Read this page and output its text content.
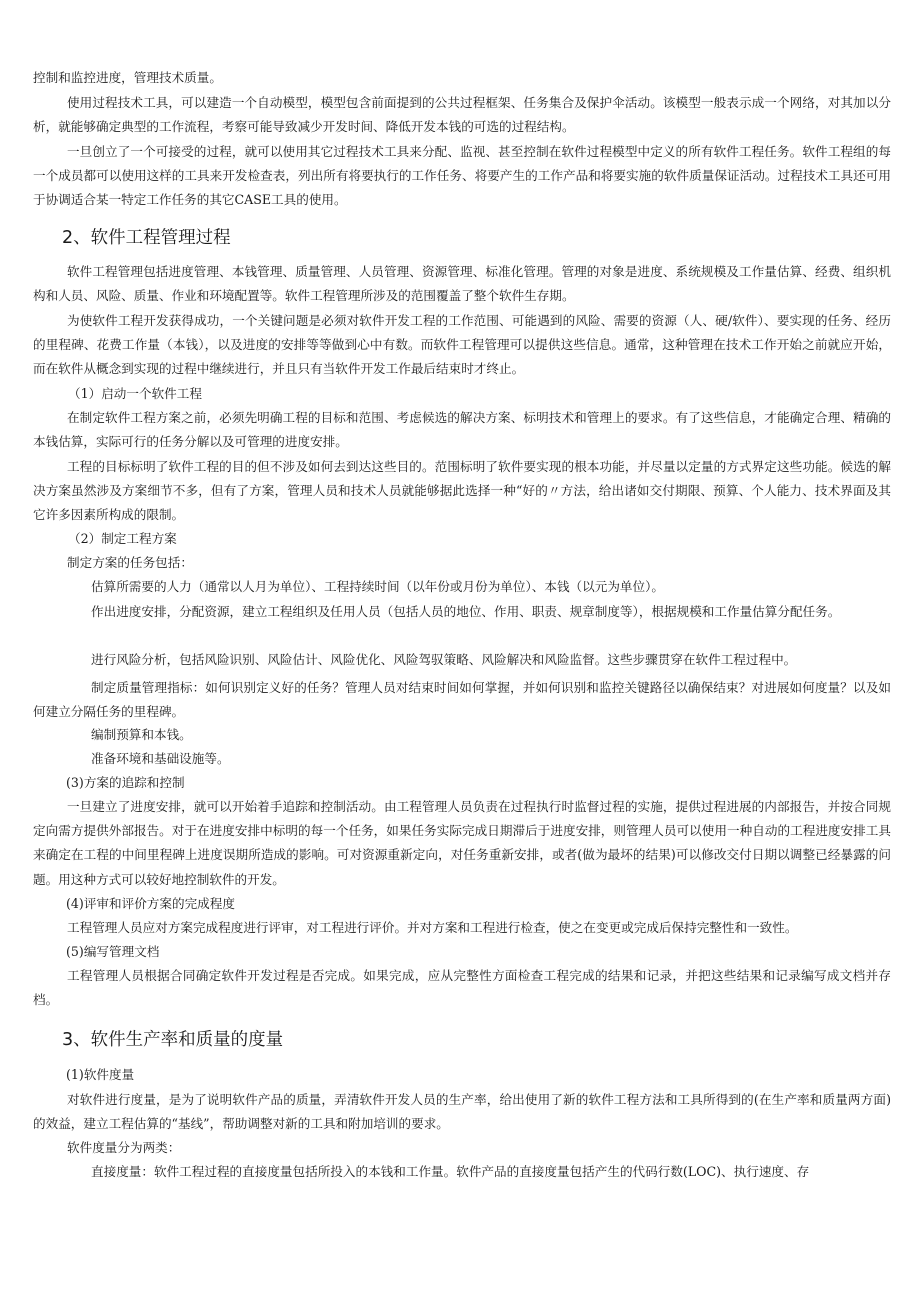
控制和监控进度，管理技术质量。

使用过程技术工具，可以建造一个自动模型，模型包含前面提到的公共过程框架、任务集合及保护伞活动。该模型一般表示成一个网络，对其加以分析，就能够确定典型的工作流程，考察可能导致减少开发时间、降低开发本钱的可选的过程结构。

一旦创立了一个可接受的过程，就可以使用其它过程技术工具来分配、监视、甚至控制在软件过程模型中定义的所有软件工程任务。软件工程组的每一个成员都可以使用这样的工具来开发检查表，列出所有将要执行的工作任务、将要产生的工作产品和将要实施的软件质量保证活动。过程技术工具还可用于协调适合某一特定工作任务的其它CASE工具的使用。

2、软件工程管理过程

软件工程管理包括进度管理、本钱管理、质量管理、人员管理、资源管理、标准化管理。管理的对象是进度、系统规模及工作量估算、经费、组织机构和人员、风险、质量、作业和环境配置等。软件工程管理所涉及的范围覆盖了整个软件生存期。

为使软件工程开发获得成功，一个关键问题是必须对软件开发工程的工作范围、可能遇到的风险、需要的资源（人、硬/软件）、要实现的任务、经历的里程碑、花费工作量（本钱），以及进度的安排等等做到心中有数。而软件工程管理可以提供这些信息。通常，这种管理在技术工作开始之前就应开始，而在软件从概念到实现的过程中继续进行，并且只有当软件开发工作最后结束时才终止。

（1）启动一个软件工程

在制定软件工程方案之前，必须先明确工程的目标和范围、考虑候选的解决方案、标明技术和管理上的要求。有了这些信息，才能确定合理、精确的本钱估算，实际可行的任务分解以及可管理的进度安排。

工程的目标标明了软件工程的目的但不涉及如何去到达这些目的。范围标明了软件要实现的根本功能，并尽量以定量的方式界定这些功能。候选的解决方案虽然涉及方案细节不多，但有了方案，管理人员和技术人员就能够据此选择一种“好的〃方法，给出诸如交付期限、预算、个人能力、技术界面及其它许多因素所构成的限制。

（2）制定工程方案

制定方案的任务包括：

估算所需要的人力（通常以人月为单位）、工程持续时间（以年份或月份为单位）、本钱（以元为单位）。

作出进度安排，分配资源，建立工程组织及任用人员（包括人员的地位、作用、职责、规章制度等），根据规模和工作量估算分配任务。

进行风险分析，包括风险识别、风险估计、风险优化、风险驾驭策略、风险解决和风险监督。这些步骤贯穿在软件工程过程中。

制定质量管理指标：如何识别定义好的任务？管理人员对结束时间如何掌握，并如何识别和监控关键路径以确保结束？对进展如何度量？以及如何建立分隔任务的里程碑。

编制预算和本钱。

准备环境和基础设施等。

(3)方案的追踪和控制

一旦建立了进度安排，就可以开始着手追踪和控制活动。由工程管理人员负责在过程执行时监督过程的实施，提供过程进展的内部报告，并按合同规定向需方提供外部报告。对于在进度安排中标明的每一个任务，如果任务实际完成日期滞后于进度安排，则管理人员可以使用一种自动的工程进度安排工具来确定在工程的中间里程碑上进度误期所造成的影响。可对资源重新定向，对任务重新安排，或者(做为最坏的结果)可以修改交付日期以调整已经暴露的问题。用这种方式可以较好地控制软件的开发。

(4)评审和评价方案的完成程度

工程管理人员应对方案完成程度进行评审，对工程进行评价。并对方案和工程进行检查，使之在变更或完成后保持完整性和一致性。

(5)编写管理文档

工程管理人员根据合同确定软件开发过程是否完成。如果完成，应从完整性方面检查工程完成的结果和记录，并把这些结果和记录编写成文档并存档。

3、软件生产率和质量的度量

(1)软件度量

对软件进行度量，是为了说明软件产品的质量，弄清软件开发人员的生产率，给出使用了新的软件工程方法和工具所得到的(在生产率和质量两方面)的效益，建立工程估算的“基线”，帮助调整对新的工具和附加培训的要求。

软件度量分为两类：

直接度量：软件工程过程的直接度量包括所投入的本钱和工作量。软件产品的直接度量包括产生的代码行数(LOC)、执行速度、存
